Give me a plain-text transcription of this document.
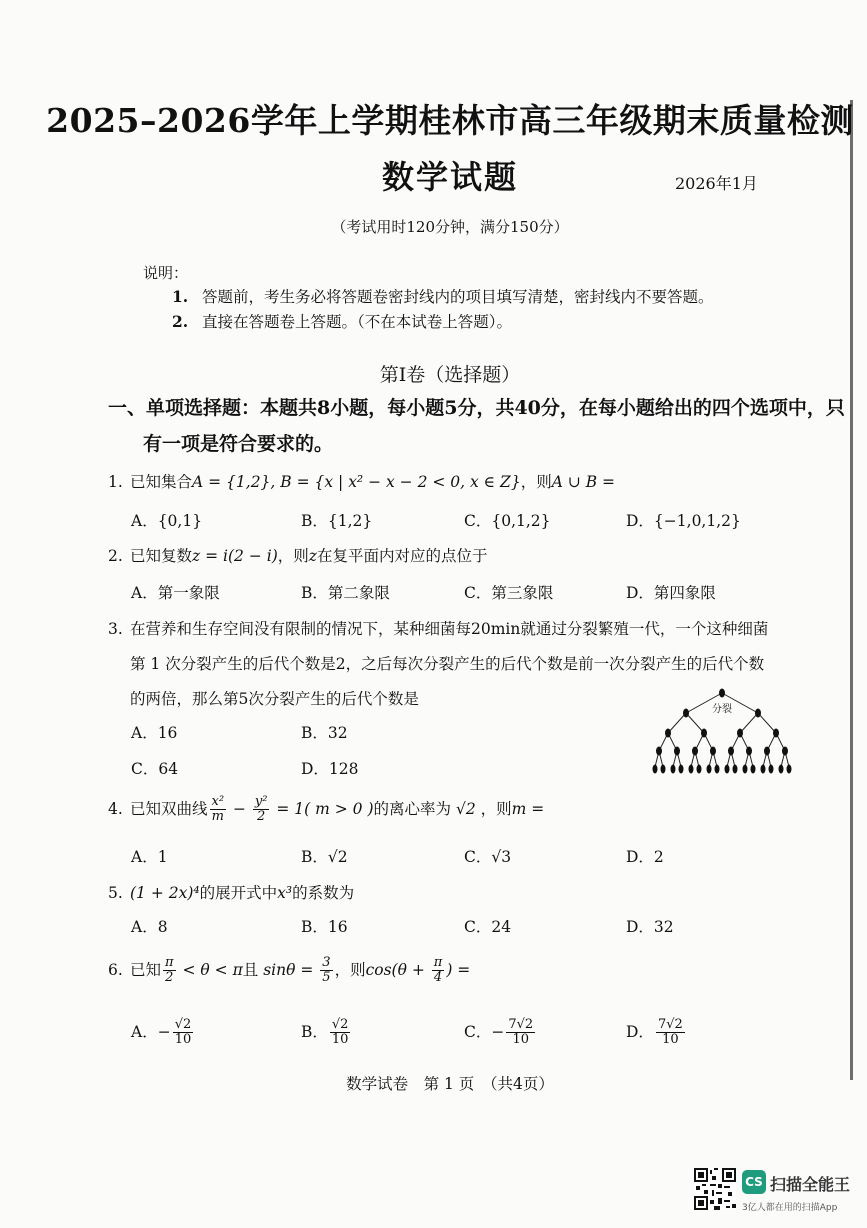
2025–2026学年上学期桂林市高三年级期末质量检测
数学试题	2026年1月
（考试用时120分钟，满分150分）
说明：
1. 答题前，考生务必将答题卷密封线内的项目填写清楚，密封线内不要答题。
2. 直接在答题卷上答题。（不在本试卷上答题）。
第Ⅰ卷（选择题）
一、单项选择题：本题共8小题，每小题5分，共40分，在每小题给出的四个选项中，只
有一项是符合要求的。
1. 已知集合A = {1,2}, B = {x | x² − x − 2 < 0, x ∈ Z}，则A ∪ B =
A．{0,1}	B．{1,2}	C．{0,1,2}	D．{−1,0,1,2}
2. 已知复数z = i(2 − i)，则z在复平面内对应的点位于
A．第一象限	B．第二象限	C．第三象限	D．第四象限
3. 在营养和生存空间没有限制的情况下，某种细菌每20min就通过分裂繁殖一代，一个这种细菌
第 1 次分裂产生的后代个数是2，之后每次分裂产生的后代个数是前一次分裂产生的后代个数
的两倍，那么第5次分裂产生的后代个数是
A．16	B．32
C．64	D．128
分裂
4. 已知双曲线 $\frac{\text{x²}}{m} - \frac{\text{y²}}{2} = 1$( m > 0 )的离心率为 √2 ，则m =
A．1	B．√2	C．√3	D．2
5. (1 + 2x)⁴的展开式中x³的系数为
A．8	B．16	C．24	D．32
6. 已知 $\frac{\pi}{2} < \theta < \pi$且 $\sin\theta = \frac{3}{5}$ ，则$\cos(\theta + \frac{\pi}{4}$ ) =
A．− $\frac{√2}{10}$	B． $\frac{√2}{10}$	C．− $\frac{7√2}{10}$	D． $\frac{7√2}{10}$
数学试卷　第 1 页　（共4页）
CS 扫描全能王
3亿人都在用的扫描App
